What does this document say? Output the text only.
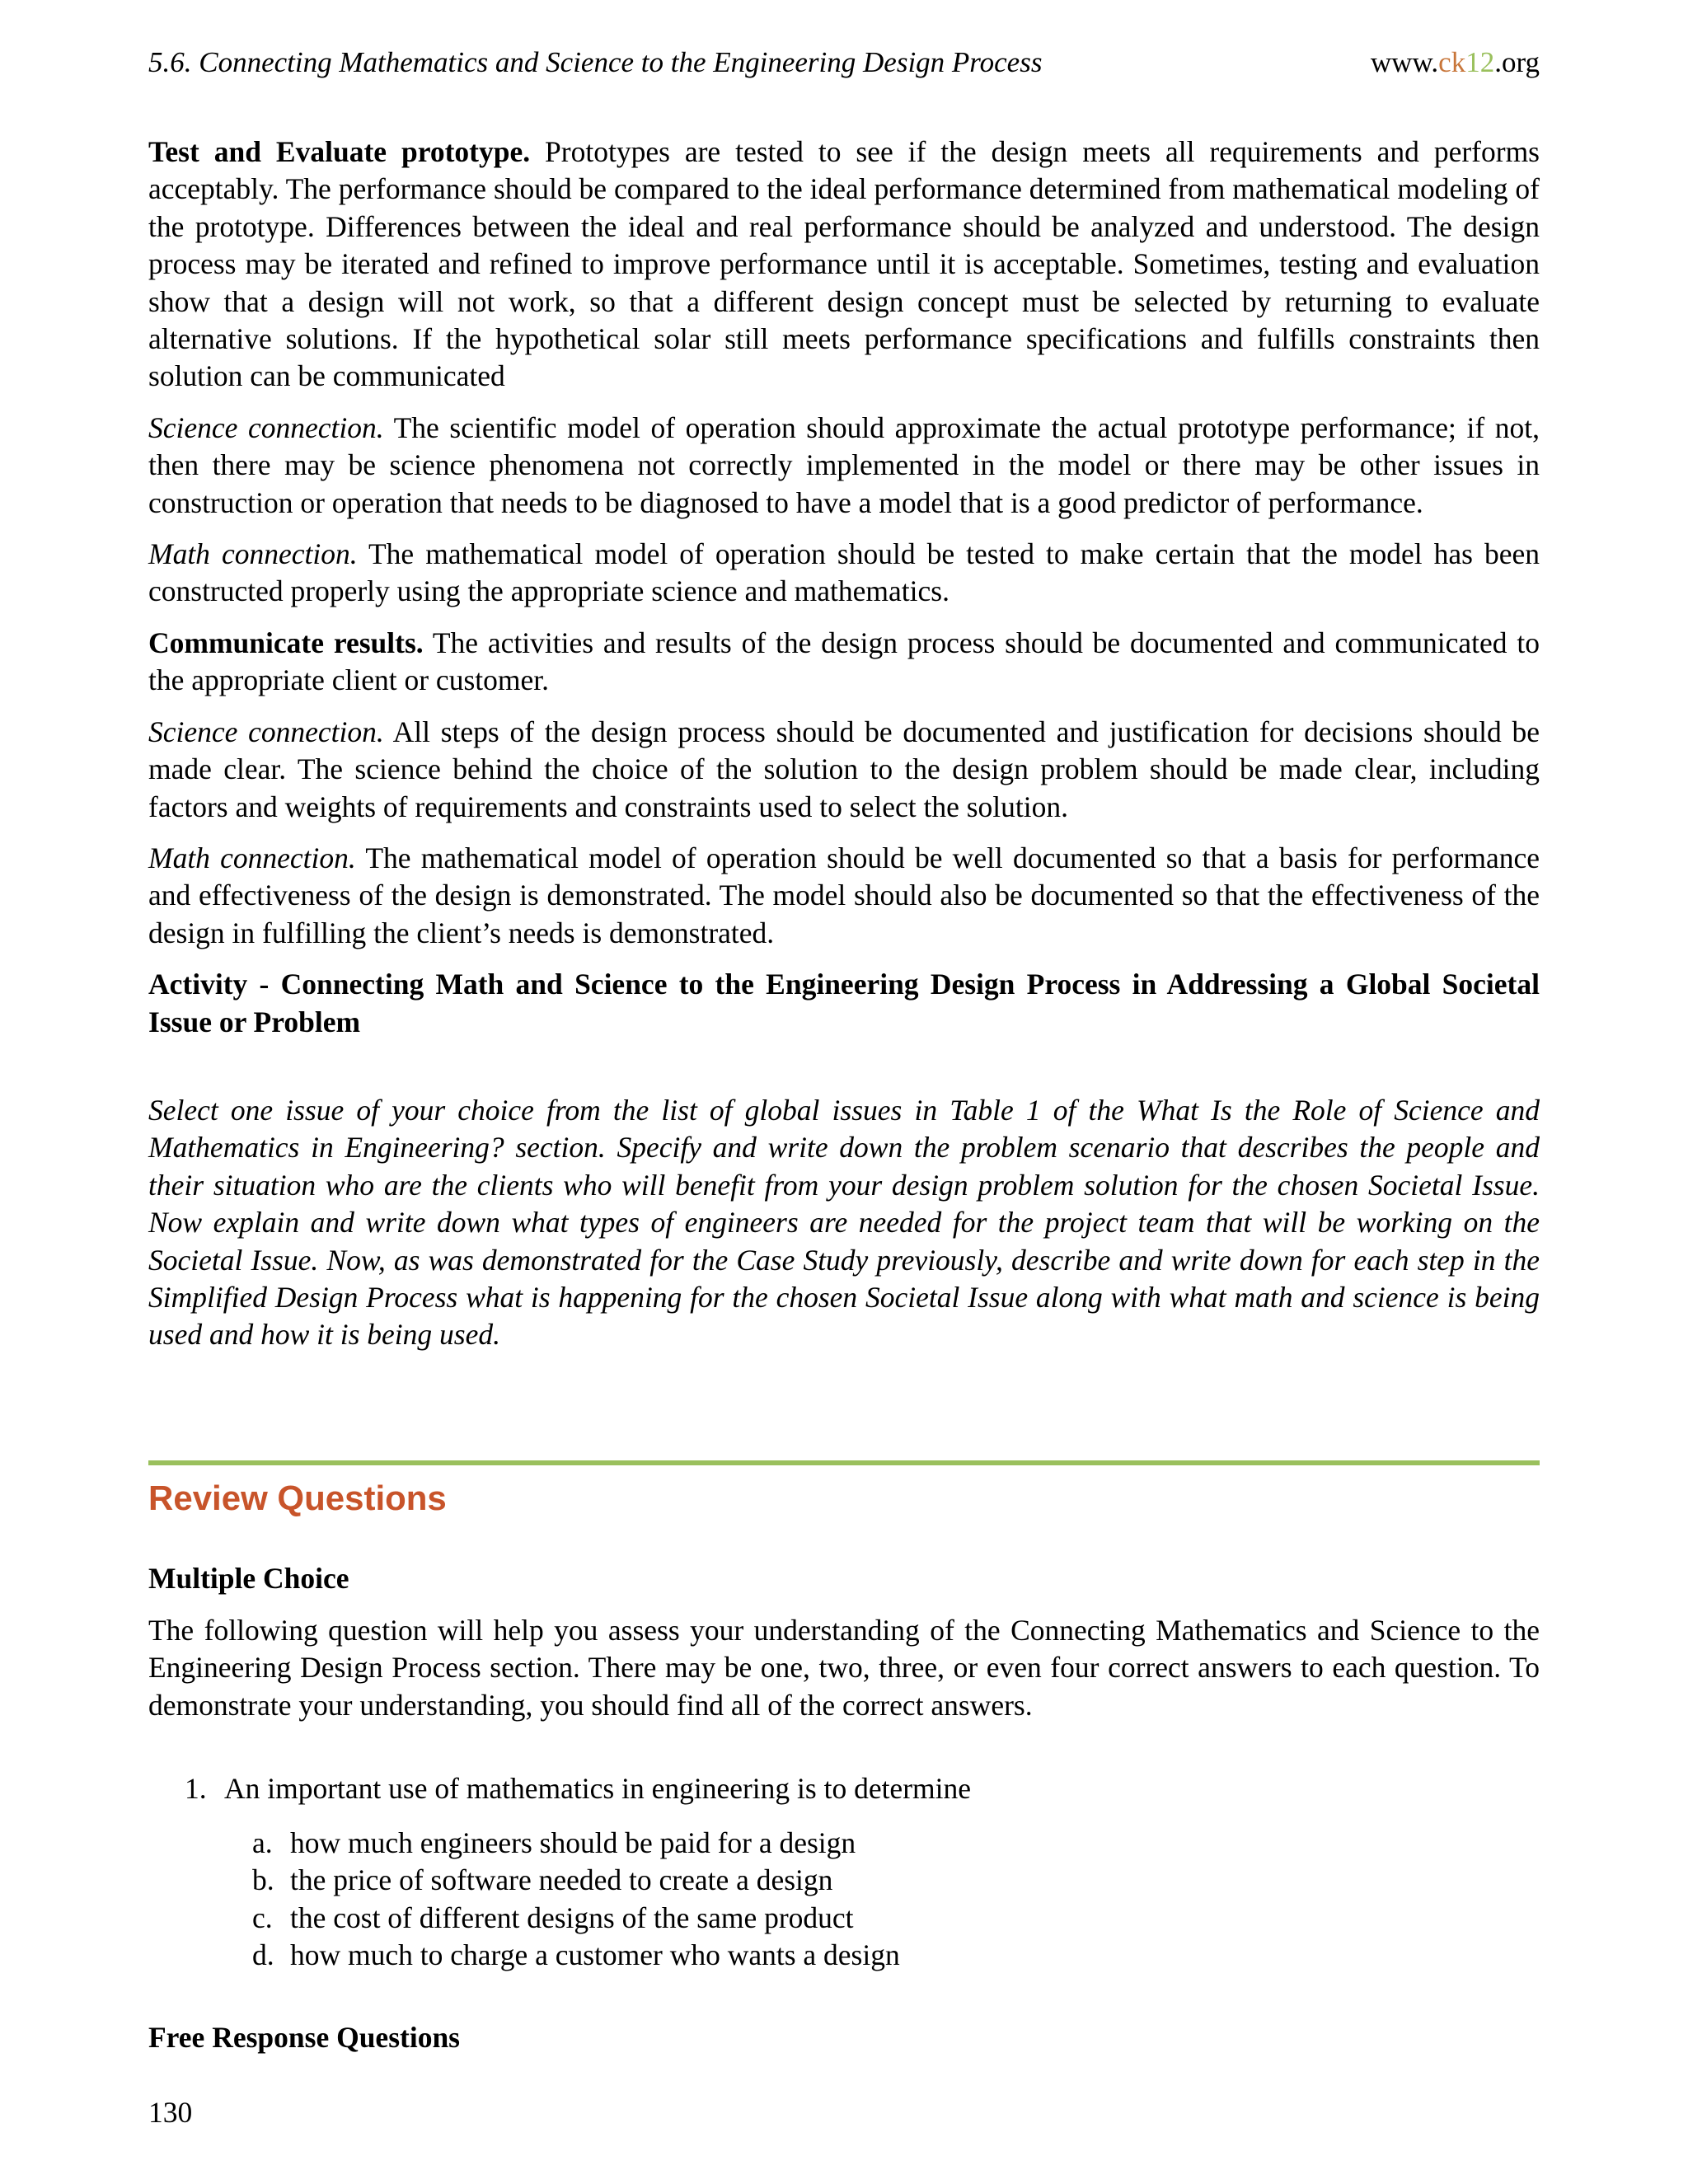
5.6. Connecting Mathematics and Science to the Engineering Design Process	www.ck12.org

Test and Evaluate prototype. Prototypes are tested to see if the design meets all requirements and performs acceptably. The performance should be compared to the ideal performance determined from mathematical modeling of the prototype. Differences between the ideal and real performance should be analyzed and understood. The design process may be iterated and refined to improve performance until it is acceptable. Sometimes, testing and evaluation show that a design will not work, so that a different design concept must be selected by returning to evaluate alternative solutions. If the hypothetical solar still meets performance specifications and fulfills constraints then solution can be communicated

Science connection. The scientific model of operation should approximate the actual prototype performance; if not, then there may be science phenomena not correctly implemented in the model or there may be other issues in construction or operation that needs to be diagnosed to have a model that is a good predictor of performance.

Math connection. The mathematical model of operation should be tested to make certain that the model has been constructed properly using the appropriate science and mathematics.

Communicate results. The activities and results of the design process should be documented and communicated to the appropriate client or customer.

Science connection. All steps of the design process should be documented and justification for decisions should be made clear. The science behind the choice of the solution to the design problem should be made clear, including factors and weights of requirements and constraints used to select the solution.

Math connection. The mathematical model of operation should be well documented so that a basis for performance and effectiveness of the design is demonstrated. The model should also be documented so that the effectiveness of the design in fulfilling the client’s needs is demonstrated.

Activity - Connecting Math and Science to the Engineering Design Process in Addressing a Global Societal Issue or Problem

Select one issue of your choice from the list of global issues in Table 1 of the What Is the Role of Science and Mathematics in Engineering? section. Specify and write down the problem scenario that describes the people and their situation who are the clients who will benefit from your design problem solution for the chosen Societal Issue. Now explain and write down what types of engineers are needed for the project team that will be working on the Societal Issue. Now, as was demonstrated for the Case Study previously, describe and write down for each step in the Simplified Design Process what is happening for the chosen Societal Issue along with what math and science is being used and how it is being used.

Review Questions
Multiple Choice
The following question will help you assess your understanding of the Connecting Mathematics and Science to the Engineering Design Process section. There may be one, two, three, or even four correct answers to each question. To demonstrate your understanding, you should find all of the correct answers.
1. An important use of mathematics in engineering is to determine
a. how much engineers should be paid for a design
b. the price of software needed to create a design
c. the cost of different designs of the same product
d. how much to charge a customer who wants a design
Free Response Questions
130
